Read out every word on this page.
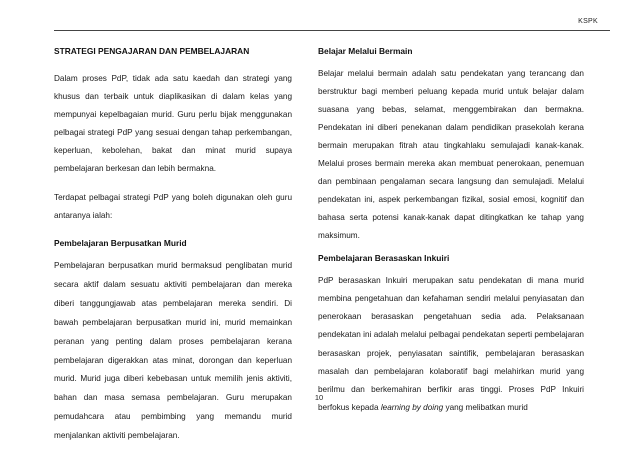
KSPK
STRATEGI PENGAJARAN DAN PEMBELAJARAN

Dalam proses PdP, tidak ada satu kaedah dan strategi yang khusus dan terbaik untuk diaplikasikan di dalam kelas yang mempunyai kepelbagaian murid. Guru perlu bijak menggunakan pelbagai strategi PdP yang sesuai dengan tahap perkembangan, keperluan, kebolehan, bakat dan minat murid supaya pembelajaran berkesan dan lebih bermakna.

Terdapat pelbagai strategi PdP yang boleh digunakan oleh guru antaranya ialah:

Pembelajaran Berpusatkan Murid

Pembelajaran berpusatkan murid bermaksud penglibatan murid secara aktif dalam sesuatu aktiviti pembelajaran dan mereka diberi tanggungjawab atas pembelajaran mereka sendiri. Di bawah pembelajaran berpusatkan murid ini, murid memainkan peranan yang penting dalam proses pembelajaran kerana pembelajaran digerakkan atas minat, dorongan dan keperluan murid. Murid juga diberi kebebasan untuk memilih jenis aktiviti, bahan dan masa semasa pembelajaran. Guru merupakan pemudahcara atau pembimbing yang memandu murid menjalankan aktiviti pembelajaran.

Belajar Melalui Bermain

Belajar melalui bermain adalah satu pendekatan yang terancang dan berstruktur bagi memberi peluang kepada murid untuk belajar dalam suasana yang bebas, selamat, menggembirakan dan bermakna. Pendekatan ini diberi penekanan dalam pendidikan prasekolah kerana bermain merupakan fitrah atau tingkahlaku semulajadi kanak-kanak. Melalui proses bermain mereka akan membuat penerokaan, penemuan dan pembinaan pengalaman secara langsung dan semulajadi. Melalui pendekatan ini, aspek perkembangan fizikal, sosial emosi, kognitif dan bahasa serta potensi kanak-kanak dapat ditingkatkan ke tahap yang maksimum.

Pembelajaran Berasaskan Inkuiri

PdP berasaskan Inkuiri merupakan satu pendekatan di mana murid membina pengetahuan dan kefahaman sendiri melalui penyiasatan dan penerokaan berasaskan pengetahuan sedia ada. Pelaksanaan pendekatan ini adalah melalui pelbagai pendekatan seperti pembelajaran berasaskan projek, penyiasatan saintifik, pembelajaran berasaskan masalah dan pembelajaran kolaboratif bagi melahirkan murid yang berilmu dan berkemahiran berfikir aras tinggi. Proses PdP Inkuiri berfokus kepada learning by doing yang melibatkan murid

10
